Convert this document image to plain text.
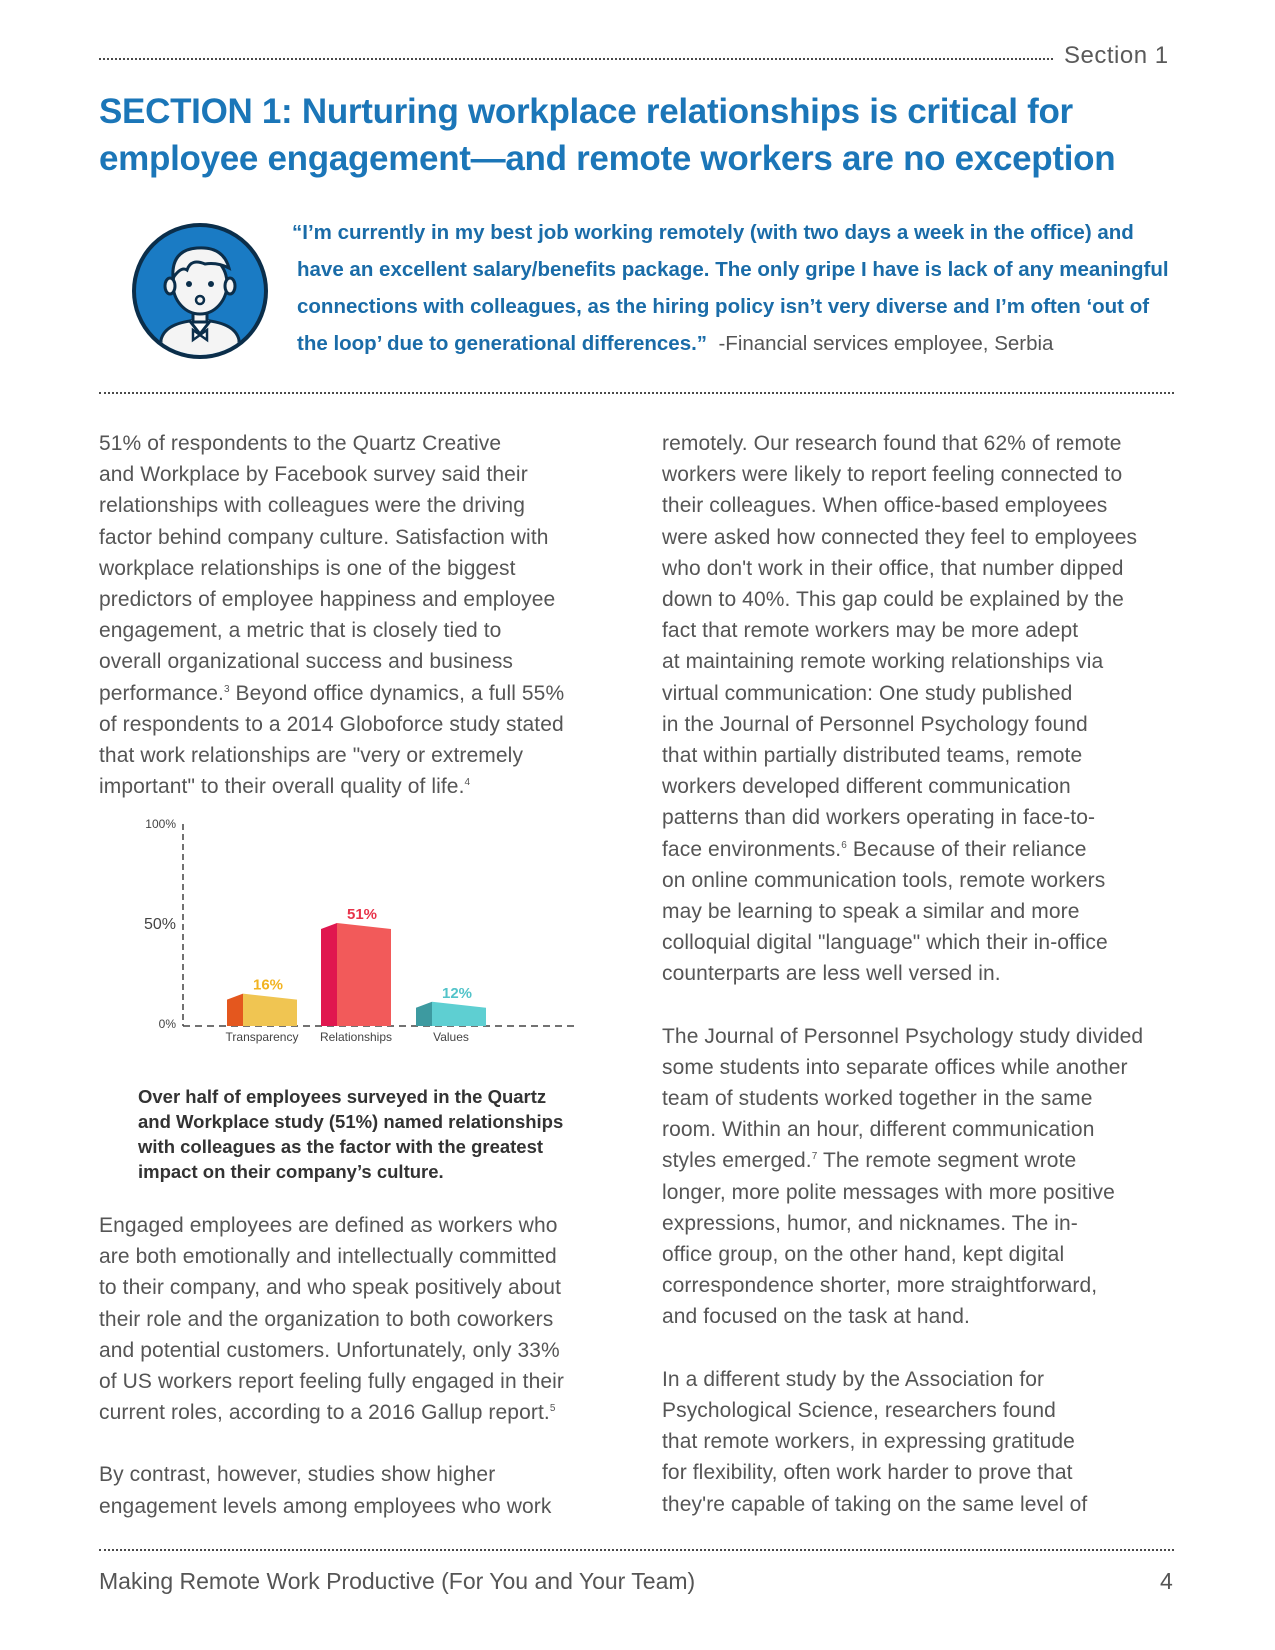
Section 1
SECTION 1: Nurturing workplace relationships is critical for
employee engagement—and remote workers are no exception
“I’m currently in my best job working remotely (with two days a week in the office) and
have an excellent salary/benefits package. The only gripe I have is lack of any meaningful
connections with colleagues, as the hiring policy isn’t very diverse and I’m often ‘out of
the loop’ due to generational differences.” -Financial services employee, Serbia

51% of respondents to the Quartz Creative
and Workplace by Facebook survey said their
relationships with colleagues were the driving
factor behind company culture. Satisfaction with
workplace relationships is one of the biggest
predictors of employee happiness and employee
engagement, a metric that is closely tied to
overall organizational success and business
performance.$^3$ Beyond office dynamics, a full 55%
of respondents to a 2014 Globoforce study stated
that work relationships are "very or extremely
important" to their overall quality of life.$^4$

100%
50%
0%
16%
Transparency
51%
Relationships
12%
Values
Over half of employees surveyed in the Quartz
and Workplace study (51%) named relationships
with colleagues as the factor with the greatest
impact on their company’s culture.

Engaged employees are defined as workers who
are both emotionally and intellectually committed
to their company, and who speak positively about
their role and the organization to both coworkers
and potential customers. Unfortunately, only 33%
of US workers report feeling fully engaged in their
current roles, according to a 2016 Gallup report.$^5$

By contrast, however, studies show higher
engagement levels among employees who work

remotely. Our research found that 62% of remote
workers were likely to report feeling connected to
their colleagues. When office-based employees
were asked how connected they feel to employees
who don't work in their office, that number dipped
down to 40%. This gap could be explained by the
fact that remote workers may be more adept
at maintaining remote working relationships via
virtual communication: One study published
in the Journal of Personnel Psychology found
that within partially distributed teams, remote
workers developed different communication
patterns than did workers operating in face-to-
face environments.$^6$ Because of their reliance
on online communication tools, remote workers
may be learning to speak a similar and more
colloquial digital "language" which their in-office
counterparts are less well versed in.

The Journal of Personnel Psychology study divided
some students into separate offices while another
team of students worked together in the same
room. Within an hour, different communication
styles emerged.$^7$ The remote segment wrote
longer, more polite messages with more positive
expressions, humor, and nicknames. The in-
office group, on the other hand, kept digital
correspondence shorter, more straightforward,
and focused on the task at hand.

In a different study by the Association for
Psychological Science, researchers found
that remote workers, in expressing gratitude
for flexibility, often work harder to prove that
they're capable of taking on the same level of

Making Remote Work Productive (For You and Your Team)	4
